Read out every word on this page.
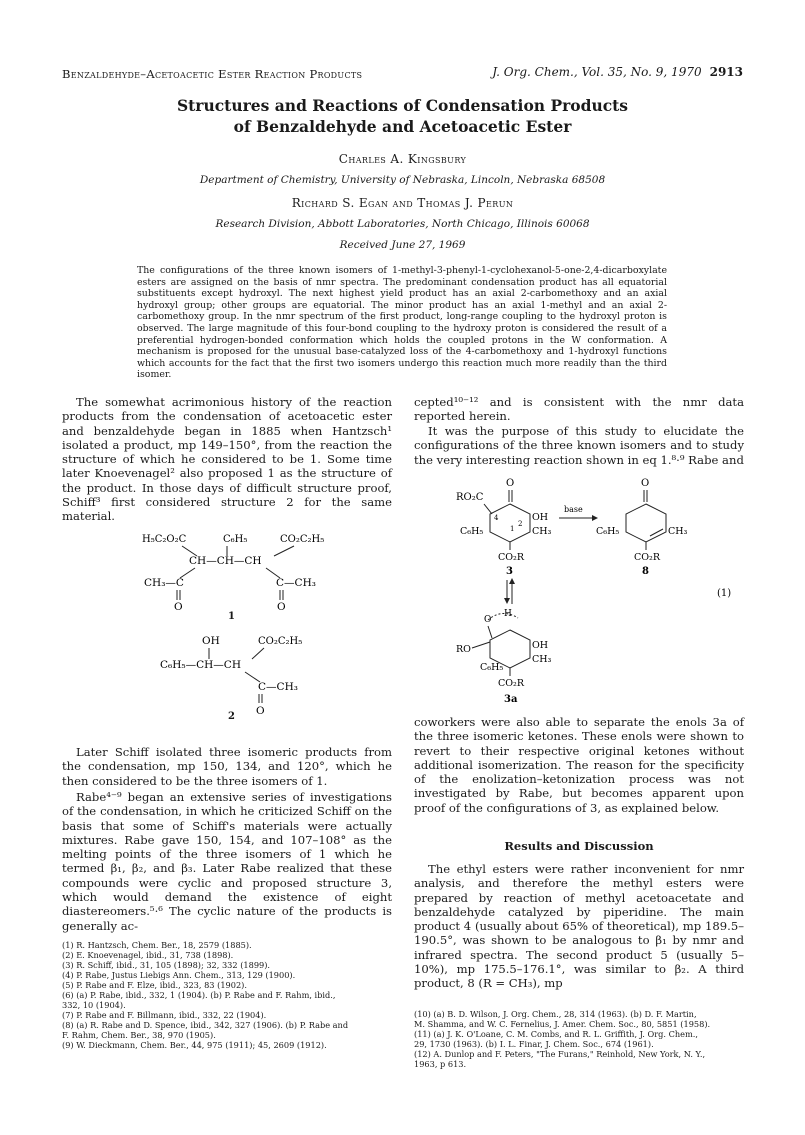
Benzaldehyde–Acetoacetic Ester Reaction Products	J. Org. Chem., Vol. 35, No. 9, 1970 2913
Structures and Reactions of Condensation Products
of Benzaldehyde and Acetoacetic Ester
Charles A. Kingsbury
Department of Chemistry, University of Nebraska, Lincoln, Nebraska 68508
Richard S. Egan and Thomas J. Perun
Research Division, Abbott Laboratories, North Chicago, Illinois 60068
Received June 27, 1969
The configurations of the three known isomers of 1-methyl-3-phenyl-1-cyclohexanol-5-one-2,4-dicarboxylate esters are assigned on the basis of nmr spectra. The predominant condensation product has all equatorial substituents except hydroxyl. The next highest yield product has an axial 2-carbomethoxy and an axial hydroxyl group; other groups are equatorial. The minor product has an axial 1-methyl and an axial 2-carbomethoxy group. In the nmr spectrum of the first product, long-range coupling to the hydroxyl proton is observed. The large magnitude of this four-bond coupling to the hydroxy proton is considered the result of a preferential hydrogen-bonded conformation which holds the coupled protons in the W conformation. A mechanism is proposed for the unusual base-catalyzed loss of the 4-carbomethoxy and 1-hydroxyl functions which accounts for the fact that the first two isomers undergo this reaction much more readily than the third isomer.
The somewhat acrimonious history of the reaction products from the condensation of acetoacetic ester and benzaldehyde began in 1885 when Hantzsch¹ isolated a product, mp 149–150°, from the reaction the structure of which he considered to be 1. Some time later Knoevenagel² also proposed 1 as the structure of the product. In those days of difficult structure proof, Schiff³ first considered structure 2 for the same material.
H₅C₂O₂C	C₆H₅	CO₂C₂H₅
CH—CH—CH
CH₃—C	C—CH₃
O	O
1
OH	CO₂C₂H₅
C₆H₅—CH—CH
C—CH₃
O
2
Later Schiff isolated three isomeric products from the condensation, mp 150, 134, and 120°, which he then considered to be the three isomers of 1.
Rabe⁴⁻⁹ began an extensive series of investigations of the condensation, in which he criticized Schiff on the basis that some of Schiff's materials were actually mixtures. Rabe gave 150, 154, and 107–108° as the melting points of the three isomers of 1 which he termed β₁, β₂, and β₃. Later Rabe realized that these compounds were cyclic and proposed structure 3, which would demand the existence of eight diastereomers.⁵·⁶ The cyclic nature of the products is generally ac-
(1) R. Hantzsch, Chem. Ber., 18, 2579 (1885).
(2) E. Knoevenagel, ibid., 31, 738 (1898).
(3) R. Schiff, ibid., 31, 105 (1898); 32, 332 (1899).
(4) P. Rabe, Justus Liebigs Ann. Chem., 313, 129 (1900).
(5) P. Rabe and F. Elze, ibid., 323, 83 (1902).
(6) (a) P. Rabe, ibid., 332, 1 (1904). (b) P. Rabe and F. Rahm, ibid.,
332, 10 (1904).
(7) P. Rabe and F. Billmann, ibid., 332, 22 (1904).
(8) (a) R. Rabe and D. Spence, ibid., 342, 327 (1906). (b) P. Rabe and
F. Rahm, Chem. Ber., 38, 970 (1905).
(9) W. Dieckmann, Chem. Ber., 44, 975 (1911); 45, 2609 (1912).
cepted¹⁰⁻¹² and is consistent with the nmr data reported herein.
It was the purpose of this study to elucidate the configurations of the three known isomers and to study the very interesting reaction shown in eq 1.⁸·⁹ Rabe and
O
RO₂C
4
1
2
OH
CH₃
C₆H₅
CO₂R
3
base
O
CH₃
C₆H₅
CO₂R
8
(1)
O
H
RO	OH
CH₃
C₆H₅
CO₂R
3a
coworkers were also able to separate the enols 3a of the three isomeric ketones. These enols were shown to revert to their respective original ketones without additional isomerization. The reason for the specificity of the enolization–ketonization process was not investigated by Rabe, but becomes apparent upon proof of the configurations of 3, as explained below.
Results and Discussion
The ethyl esters were rather inconvenient for nmr analysis, and therefore the methyl esters were prepared by reaction of methyl acetoacetate and benzaldehyde catalyzed by piperidine. The main product 4 (usually about 65% of theoretical), mp 189.5–190.5°, was shown to be analogous to β₁ by nmr and infrared spectra. The second product 5 (usually 5–10%), mp 175.5–176.1°, was similar to β₂. A third product, 8 (R = CH₃), mp
(10) (a) B. D. Wilson, J. Org. Chem., 28, 314 (1963). (b) D. F. Martin,
M. Shamma, and W. C. Fernelius, J. Amer. Chem. Soc., 80, 5851 (1958).
(11) (a) J. K. O'Loane, C. M. Combs, and R. L. Griffith, J. Org. Chem.,
29, 1730 (1963). (b) I. L. Finar, J. Chem. Soc., 674 (1961).
(12) A. Dunlop and F. Peters, "The Furans," Reinhold, New York, N. Y.,
1963, p 613.
